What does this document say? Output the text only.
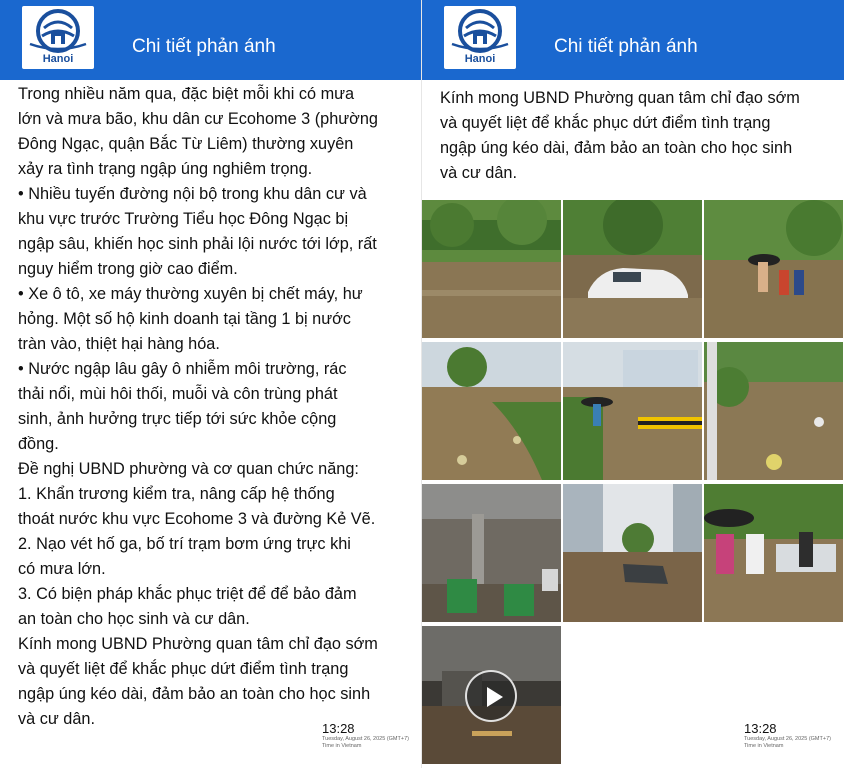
Hanoi
Chi tiết phản ánh

Trong nhiều năm qua, đặc biệt mỗi khi có mưa

lớn và mưa bão, khu dân cư Ecohome 3 (phường

Đông Ngạc, quận Bắc Từ Liêm) thường xuyên

xảy ra tình trạng ngập úng nghiêm trọng.

• Nhiều tuyến đường nội bộ trong khu dân cư và

khu vực trước Trường Tiểu học Đông Ngạc bị

ngập sâu, khiến học sinh phải lội nước tới lớp, rất

nguy hiểm trong giờ cao điểm.

• Xe ô tô, xe máy thường xuyên bị chết máy, hư

hỏng. Một số hộ kinh doanh tại tầng 1 bị nước

tràn vào, thiệt hại hàng hóa.

• Nước ngập lâu gây ô nhiễm môi trường, rác

thải nổi, mùi hôi thối, muỗi và côn trùng phát

sinh, ảnh hưởng trực tiếp tới sức khỏe cộng

đồng.

Đề nghị UBND phường và cơ quan chức năng:

1. Khẩn trương kiểm tra, nâng cấp hệ thống

thoát nước khu vực Ecohome 3 và đường Kẻ Vẽ.

2. Nạo vét hố ga, bố trí trạm bơm ứng trực khi

có mưa lớn.

3. Có biện pháp khắc phục triệt để để bảo đảm

an toàn cho học sinh và cư dân.

Kính mong UBND Phường quan tâm chỉ đạo sớm

và quyết liệt để khắc phục dứt điểm tình trạng

ngập úng kéo dài, đảm bảo an toàn cho học sinh

và cư dân.

13:28
Tuesday, August 26, 2025 (GMT+7)
Time in Vietnam
Hanoi
Chi tiết phản ánh

Kính mong UBND Phường quan tâm chỉ đạo sớm

và quyết liệt để khắc phục dứt điểm tình trạng

ngập úng kéo dài, đảm bảo an toàn cho học sinh

và cư dân.

13:28
Tuesday, August 26, 2025 (GMT+7)
Time in Vietnam
